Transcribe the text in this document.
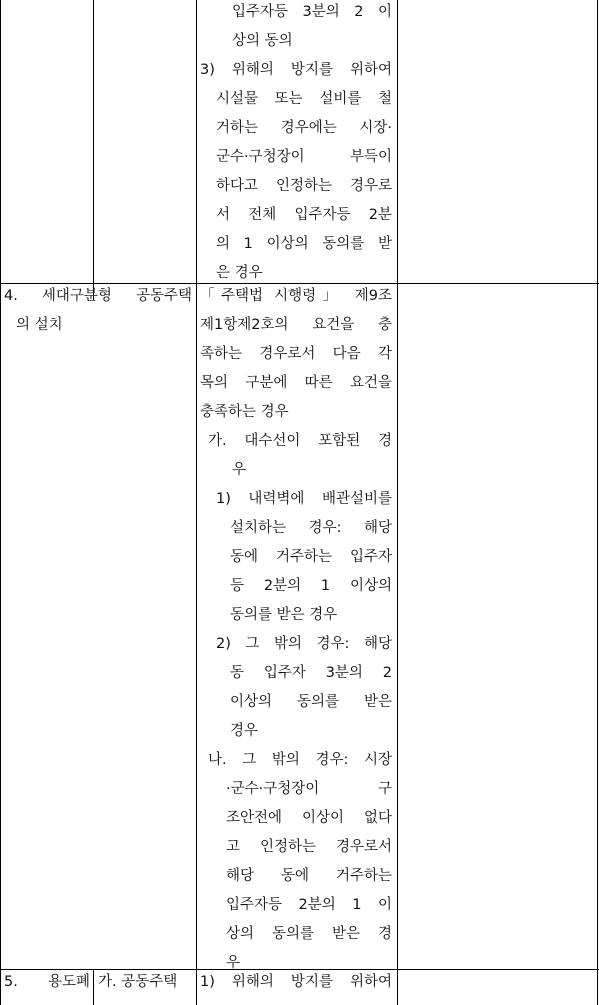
입주자등 3분의 2 이

상의 동의

3) 위해의 방지를 위하여

시설물 또는 설비를 철

거하는 경우에는 시장·

군수·구청장이 부득이

하다고 인정하는 경우로

서 전체 입주자등 2분

의 1 이상의 동의를 받

은 경우

4. 세대구분형 공동주택

의 설치

「주택법 시행령」 제9조

제1항제2호의 요건을 충

족하는 경우로서 다음 각

목의 구분에 따른 요건을

충족하는 경우

가. 대수선이 포함된 경

우

1) 내력벽에 배관설비를

설치하는 경우: 해당

동에 거주하는 입주자

등 2분의 1 이상의

동의를 받은 경우

2) 그 밖의 경우: 해당

동 입주자 3분의 2

이상의 동의를 받은

경우

나. 그 밖의 경우: 시장

·군수·구청장이 구

조안전에 이상이 없다

고 인정하는 경우로서

해당 동에 거주하는

입주자등 2분의 1 이

상의 동의를 받은 경

우

5. 용도폐 가. 공동주택	1) 위해의 방지를 위하여
